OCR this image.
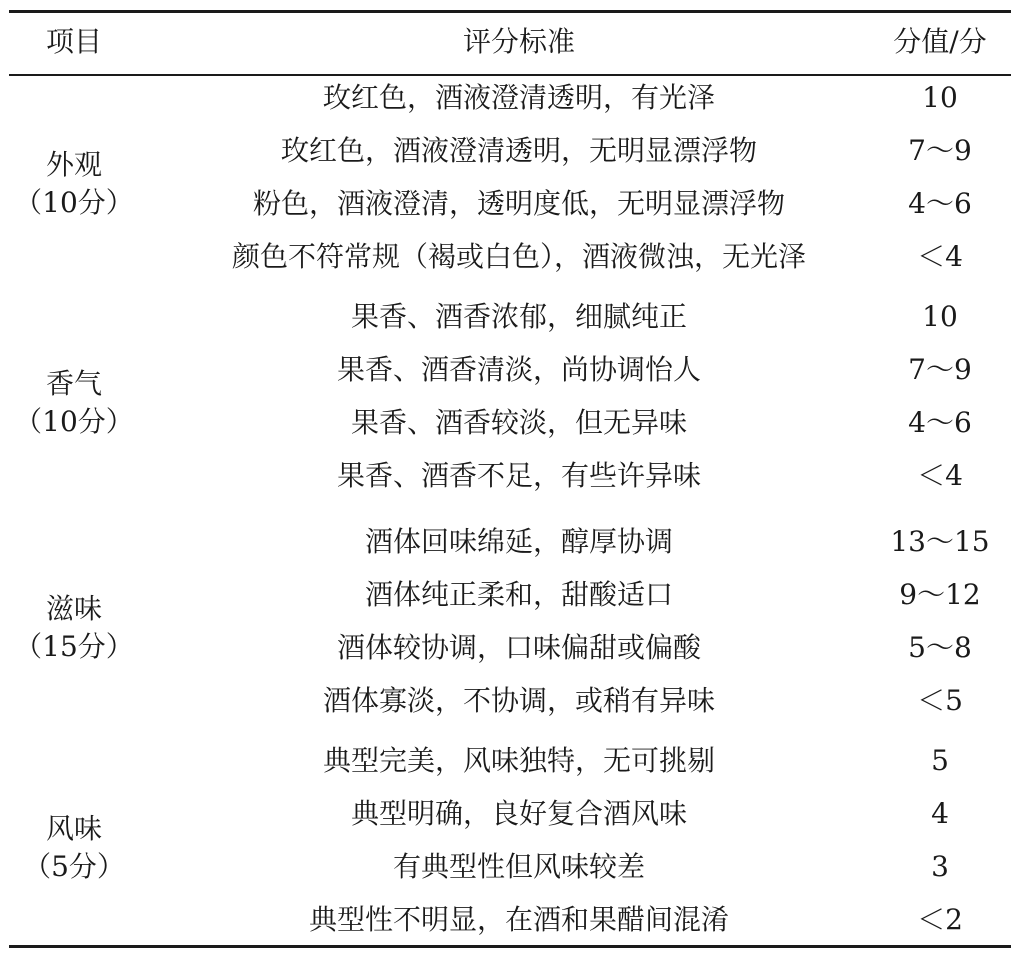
项目	评分标准	分值/分
外观
（10分）
玫红色，酒液澄清透明，有光泽	10
玫红色，酒液澄清透明，无明显漂浮物	7～9
粉色，酒液澄清，透明度低，无明显漂浮物	4～6
颜色不符常规（褐或白色），酒液微浊，无光泽	＜4
香气
（10分）
果香、酒香浓郁，细腻纯正	10
果香、酒香清淡，尚协调怡人	7～9
果香、酒香较淡，但无异味	4～6
果香、酒香不足，有些许异味	＜4
滋味
（15分）
酒体回味绵延，醇厚协调	13～15
酒体纯正柔和，甜酸适口	9～12
酒体较协调，口味偏甜或偏酸	5～8
酒体寡淡，不协调，或稍有异味	＜5
风味
（5分）
典型完美，风味独特，无可挑剔	5
典型明确，良好复合酒风味	4
有典型性但风味较差	3
典型性不明显，在酒和果醋间混淆	＜2
